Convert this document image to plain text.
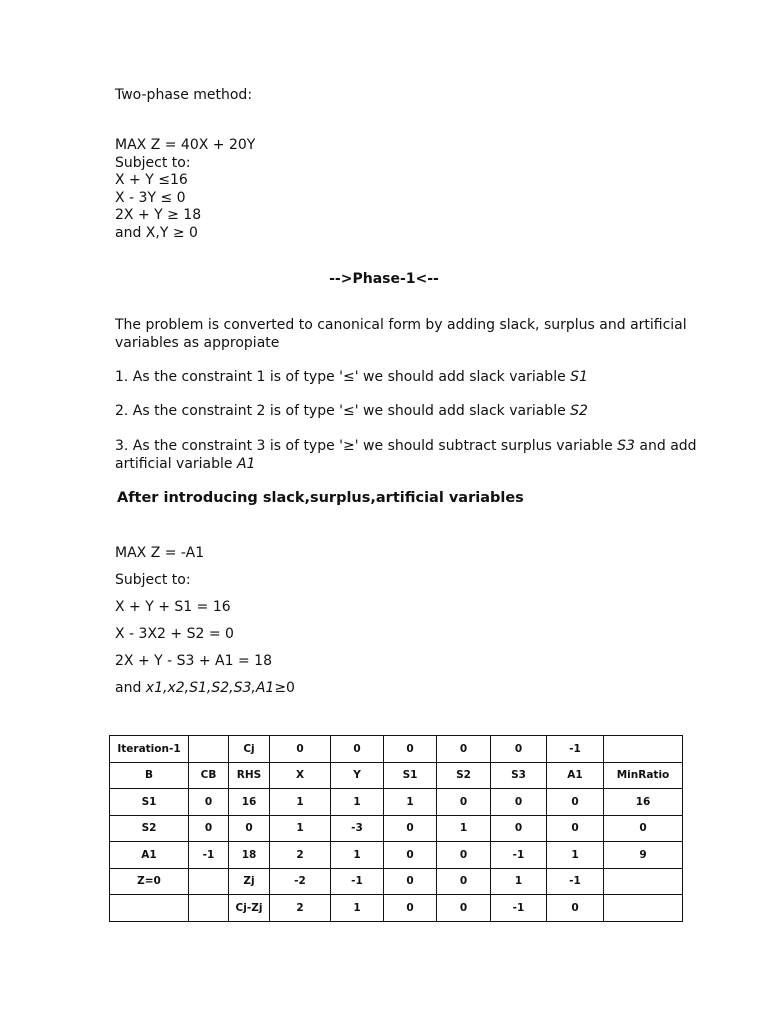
Two-phase method:
MAX Z = 40X + 20Y
Subject to:
X + Y ≤16
X - 3Y ≤ 0
2X + Y ≥ 18
and X,Y ≥ 0
-->Phase-1<--
The problem is converted to canonical form by adding slack, surplus and artificial
variables as appropiate
1. As the constraint 1 is of type '≤' we should add slack variable S1
2. As the constraint 2 is of type '≤' we should add slack variable S2
3. As the constraint 3 is of type '≥' we should subtract surplus variable S3 and add
artificial variable A1
After introducing slack,surplus,artificial variables
MAX Z = -A1
Subject to:
X + Y + S1 = 16
X - 3X2 + S2 = 0
2X + Y - S3 + A1 = 18
and x1,x2,S1,S2,S3,A1≥0
Iteration-1		Cj	0	0	0	0	0	-1	
B	CB	RHS	X	Y	S1	S2	S3	A1	MinRatio
S1	0	16	1	1	1	0	0	0	16
S2	0	0	1	-3	0	1	0	0	0
A1	-1	18	2	1	0	0	-1	1	9
Z=0		Zj	-2	-1	0	0	1	-1	
		Cj-Zj	2	1	0	0	-1	0	
